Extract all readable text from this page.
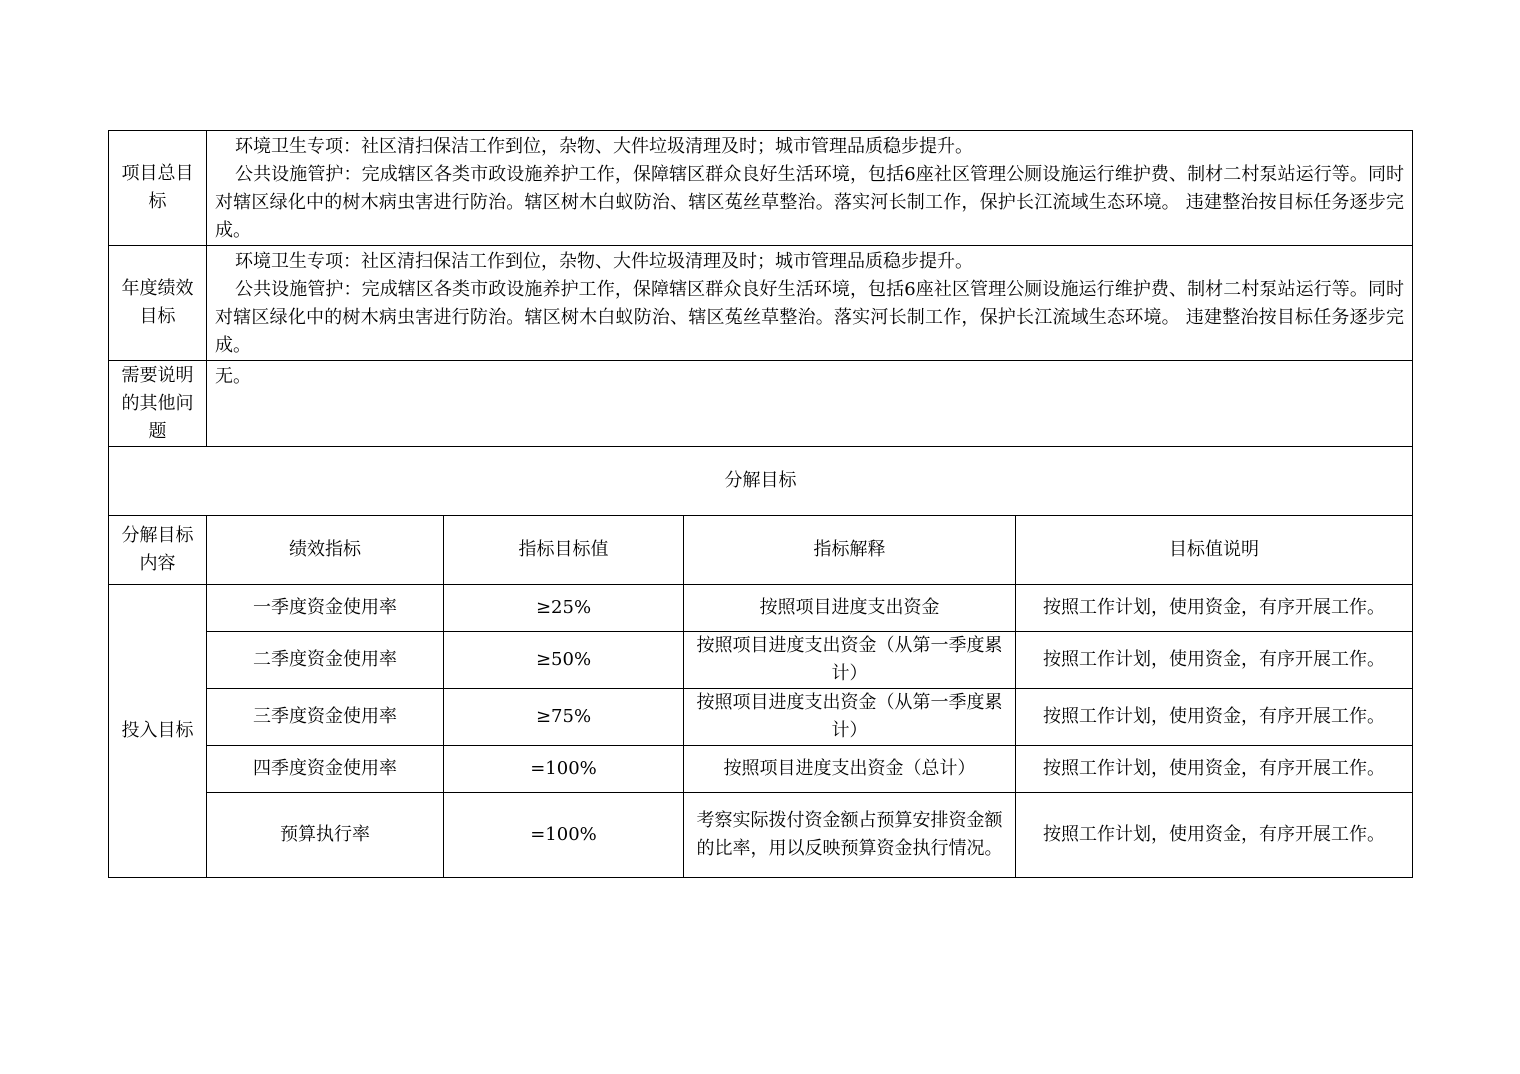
项目总目标	环境卫生专项：社区清扫保洁工作到位，杂物、大件垃圾清理及时；城市管理品质稳步提升。

公共设施管护：完成辖区各类市政设施养护工作，保障辖区群众良好生活环境，包括6座社区管理公厕设施运行维护费、制材二村泵站运行等。同时对辖区绿化中的树木病虫害进行防治。辖区树木白蚁防治、辖区菟丝草整治。落实河长制工作，保护长江流域生态环境。 违建整治按目标任务逐步完成。			

年度绩效目标	环境卫生专项：社区清扫保洁工作到位，杂物、大件垃圾清理及时；城市管理品质稳步提升。

公共设施管护：完成辖区各类市政设施养护工作，保障辖区群众良好生活环境，包括6座社区管理公厕设施运行维护费、制材二村泵站运行等。同时对辖区绿化中的树木病虫害进行防治。辖区树木白蚁防治、辖区菟丝草整治。落实河长制工作，保护长江流域生态环境。 违建整治按目标任务逐步完成。			

需要说明的其他问题	无。			
分解目标				
分解目标内容	绩效指标	指标目标值	指标解释	目标值说明
投入目标	一季度资金使用率	≥25%	按照项目进度支出资金	按照工作计划，使用资金，有序开展工作。
	二季度资金使用率	≥50%	按照项目进度支出资金（从第一季度累计）	按照工作计划，使用资金，有序开展工作。
	三季度资金使用率	≥75%	按照项目进度支出资金（从第一季度累计）	按照工作计划，使用资金，有序开展工作。
	四季度资金使用率	=100%	按照项目进度支出资金（总计）	按照工作计划，使用资金，有序开展工作。
	预算执行率	=100%	考察实际拨付资金额占预算安排资金额的比率，用以反映预算资金执行情况。	按照工作计划，使用资金，有序开展工作。
